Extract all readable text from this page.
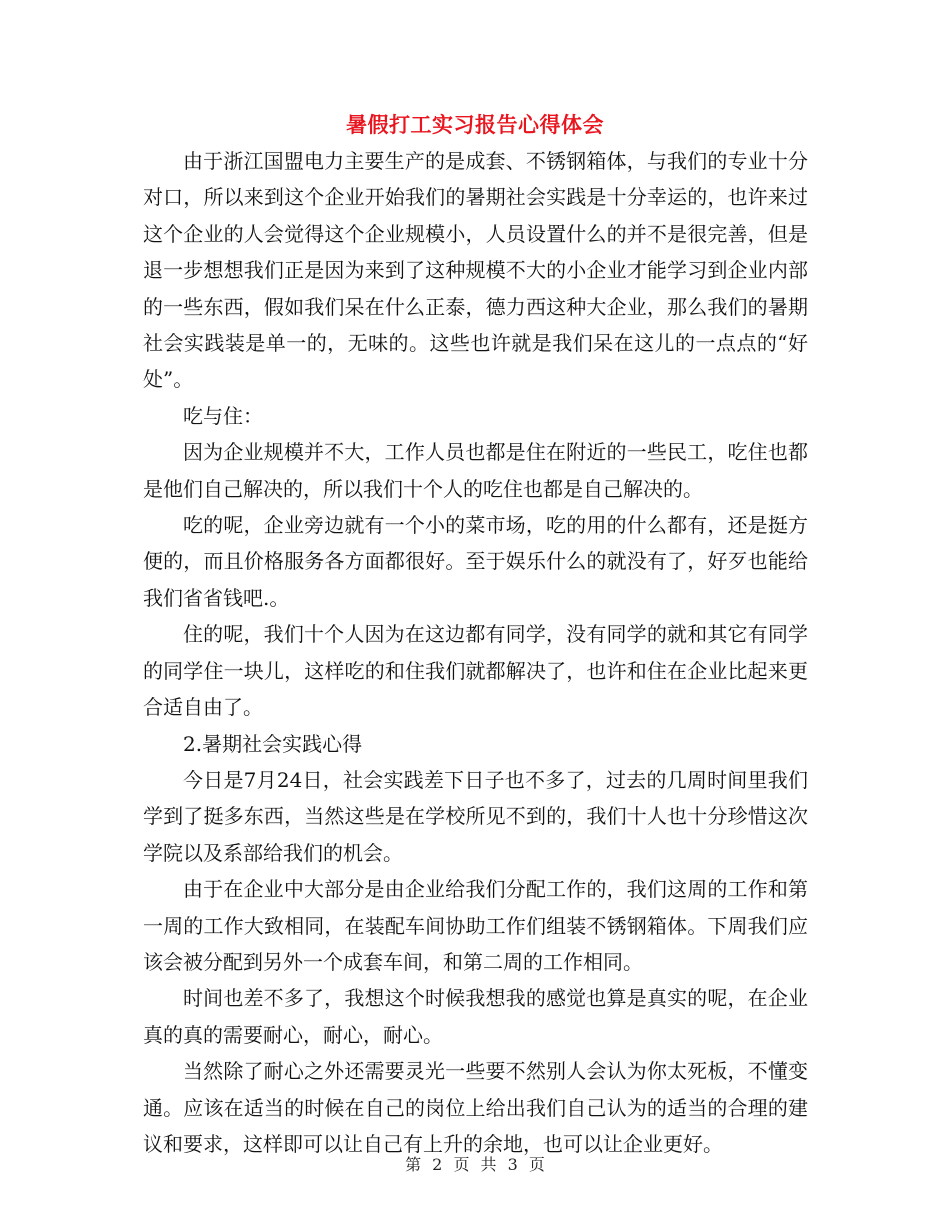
暑假打工实习报告心得体会

由于浙江国盟电力主要生产的是成套、不锈钢箱体，与我们的专业十分对口，所以来到这个企业开始我们的暑期社会实践是十分幸运的，也许来过这个企业的人会觉得这个企业规模小，人员设置什么的并不是很完善，但是退一步想想我们正是因为来到了这种规模不大的小企业才能学习到企业内部的一些东西，假如我们呆在什么正泰，德力西这种大企业，那么我们的暑期社会实践装是单一的，无味的。这些也许就是我们呆在这儿的一点点的“好处”。

吃与住：

因为企业规模并不大，工作人员也都是住在附近的一些民工，吃住也都是他们自己解决的，所以我们十个人的吃住也都是自己解决的。

吃的呢，企业旁边就有一个小的菜市场，吃的用的什么都有，还是挺方便的，而且价格服务各方面都很好。至于娱乐什么的就没有了，好歹也能给我们省省钱吧.。

住的呢，我们十个人因为在这边都有同学，没有同学的就和其它有同学的同学住一块儿，这样吃的和住我们就都解决了，也许和住在企业比起来更合适自由了。

2.暑期社会实践心得

今日是7月24日，社会实践差下日子也不多了，过去的几周时间里我们学到了挺多东西，当然这些是在学校所见不到的，我们十人也十分珍惜这次学院以及系部给我们的机会。

由于在企业中大部分是由企业给我们分配工作的，我们这周的工作和第一周的工作大致相同，在装配车间协助工作们组装不锈钢箱体。下周我们应该会被分配到另外一个成套车间，和第二周的工作相同。

时间也差不多了，我想这个时候我想我的感觉也算是真实的呢，在企业真的真的需要耐心，耐心，耐心。

当然除了耐心之外还需要灵光一些要不然别人会认为你太死板，不懂变通。应该在适当的时候在自己的岗位上给出我们自己认为的适当的合理的建议和要求，这样即可以让自己有上升的余地，也可以让企业更好。

第 2 页 共 3 页
